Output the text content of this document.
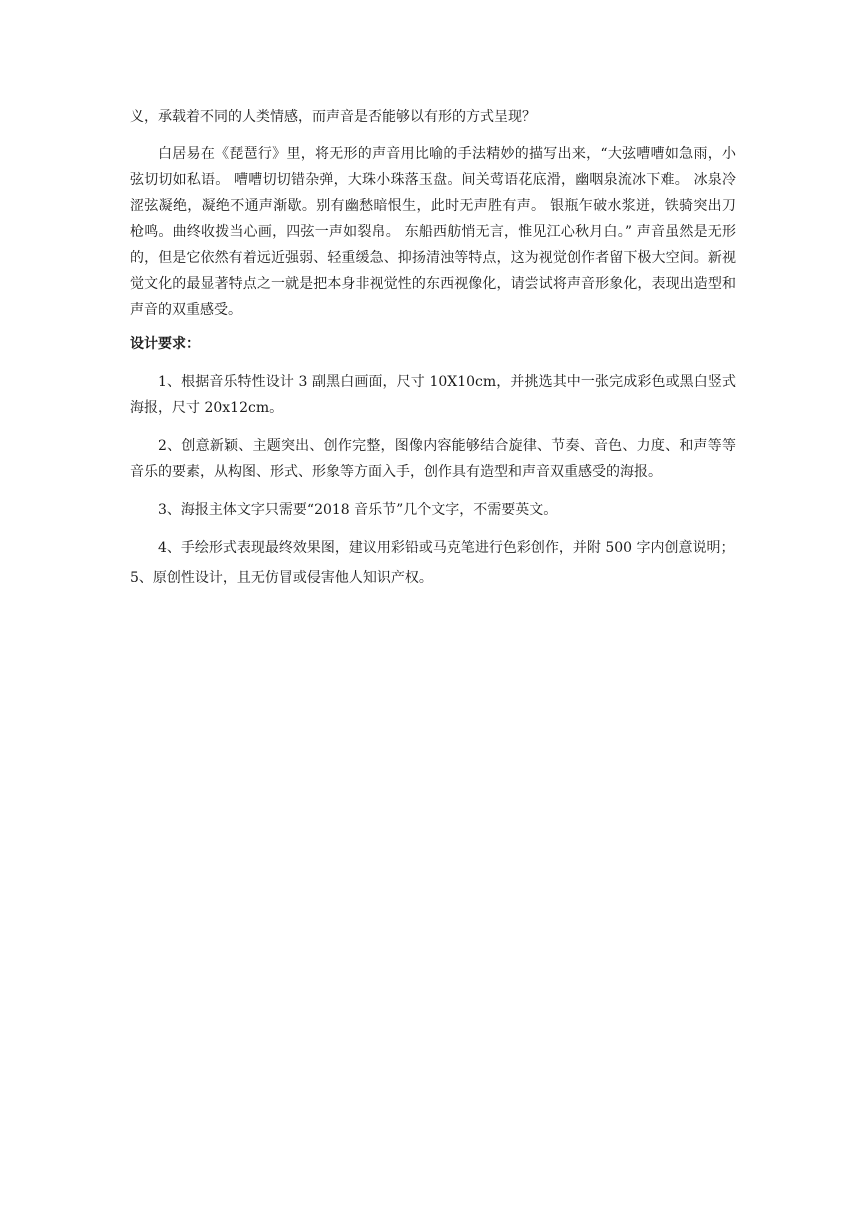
义，承载着不同的人类情感，而声音是否能够以有形的方式呈现？

白居易在《琵琶行》里，将无形的声音用比喻的手法精妙的描写出来，“大弦嘈嘈如急雨，小弦切切如私语。 嘈嘈切切错杂弹，大珠小珠落玉盘。间关莺语花底滑，幽咽泉流冰下难。 冰泉冷涩弦凝绝，凝绝不通声渐歇。别有幽愁暗恨生，此时无声胜有声。 银瓶乍破水浆迸，铁骑突出刀枪鸣。曲终收拨当心画，四弦一声如裂帛。 东船西舫悄无言，惟见江心秋月白。” 声音虽然是无形的，但是它依然有着远近强弱、轻重缓急、抑扬清浊等特点，这为视觉创作者留下极大空间。新视觉文化的最显著特点之一就是把本身非视觉性的东西视像化，请尝试将声音形象化，表现出造型和声音的双重感受。

设计要求：

1、根据音乐特性设计 3 副黑白画面，尺寸 10X10cm，并挑选其中一张完成彩色或黑白竖式海报，尺寸 20x12cm。

2、创意新颖、主题突出、创作完整，图像内容能够结合旋律、节奏、音色、力度、和声等等音乐的要素，从构图、形式、形象等方面入手，创作具有造型和声音双重感受的海报。

3、海报主体文字只需要“2018 音乐节”几个文字，不需要英文。

4、手绘形式表现最终效果图，建议用彩铅或马克笔进行色彩创作，并附 500 字内创意说明；

5、原创性设计，且无仿冒或侵害他人知识产权。
